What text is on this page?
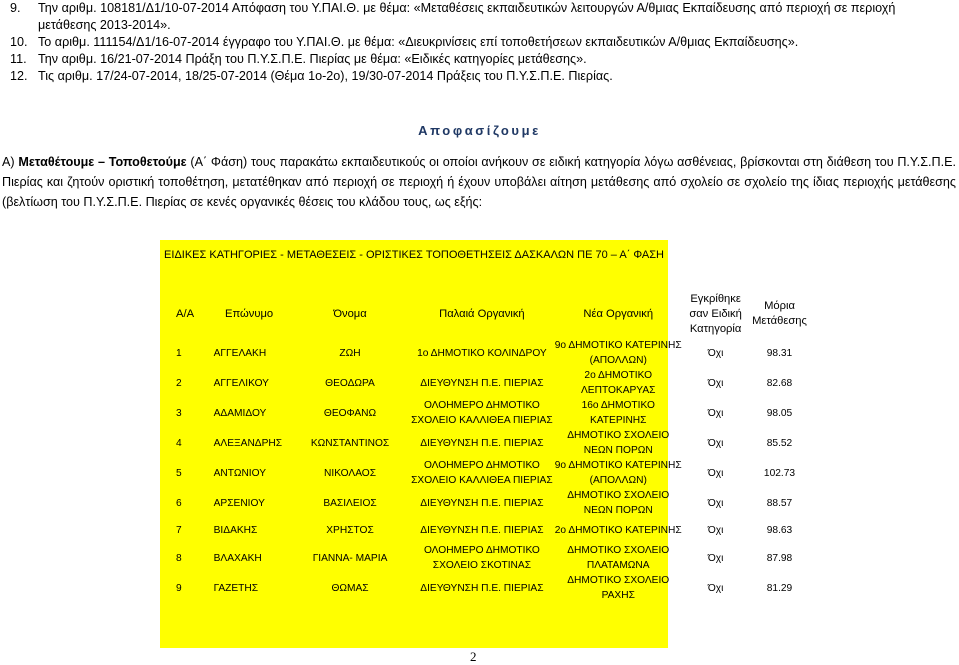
9. Την αριθμ. 108181/Δ1/10-07-2014 Απόφαση του Υ.ΠΑΙ.Θ. με θέμα: «Μεταθέσεις εκπαιδευτικών λειτουργών Α/θμιας Εκπαίδευσης από περιοχή σε περιοχή μετάθεσης 2013-2014».
10. Το αριθμ. 111154/Δ1/16-07-2014 έγγραφο του Υ.ΠΑΙ.Θ. με θέμα: «Διευκρινίσεις επί τοποθετήσεων εκπαιδευτικών Α/θμιας Εκπαίδευσης».
11. Την αριθμ. 16/21-07-2014 Πράξη του Π.Υ.Σ.Π.Ε. Πιερίας με θέμα: «Ειδικές κατηγορίες μετάθεσης».
12. Τις αριθμ. 17/24-07-2014, 18/25-07-2014 (Θέμα 1ο-2ο), 19/30-07-2014 Πράξεις του Π.Υ.Σ.Π.Ε. Πιερίας.
Αποφασίζουμε
Α) Μεταθέτουμε – Τοποθετούμε (Α΄ Φάση) τους παρακάτω εκπαιδευτικούς οι οποίοι ανήκουν σε ειδική κατηγορία λόγω ασθένειας, βρίσκονται στη διάθεση του Π.Υ.Σ.Π.Ε. Πιερίας και ζητούν οριστική τοποθέτηση, μετατέθηκαν από περιοχή σε περιοχή ή έχουν υποβάλει αίτηση μετάθεσης από σχολείο σε σχολείο της ίδιας περιοχής μετάθεσης (βελτίωση του Π.Υ.Σ.Π.Ε. Πιερίας σε κενές οργανικές θέσεις του κλάδου τους, ως εξής:
ΕΙΔΙΚΕΣ ΚΑΤΗΓΟΡΙΕΣ - ΜΕΤΑΘΕΣΕΙΣ - ΟΡΙΣΤΙΚΕΣ ΤΟΠΟΘΕΤΗΣΕΙΣ ΔΑΣΚΑΛΩΝ ΠΕ 70 – Α΄ ΦΑΣΗ
Α/Α	Επώνυμο	Όνομα	Παλαιά Οργανική	Νέα Οργανική	Εγκρίθηκε σαν Ειδική Κατηγορία	Μόρια Μετάθεσης
1	ΑΓΓΕΛΑΚΗ	ΖΩΗ	1ο ΔΗΜΟΤΙΚΟ ΚΟΛΙΝΔΡΟΥ	9ο ΔΗΜΟΤΙΚΟ ΚΑΤΕΡΙΝΗΣ (ΑΠΟΛΛΩΝ)	Όχι	98.31
2	ΑΓΓΕΛΙΚΟΥ	ΘΕΟΔΩΡΑ	ΔΙΕΥΘΥΝΣΗ Π.Ε. ΠΙΕΡΙΑΣ	2ο ΔΗΜΟΤΙΚΟ ΛΕΠΤΟΚΑΡΥΑΣ	Όχι	82.68
3	ΑΔΑΜΙΔΟΥ	ΘΕΟΦΑΝΩ	ΟΛΟΗΜΕΡΟ ΔΗΜΟΤΙΚΟ ΣΧΟΛΕΙΟ ΚΑΛΛΙΘΕΑ ΠΙΕΡΙΑΣ	16ο ΔΗΜΟΤΙΚΟ ΚΑΤΕΡΙΝΗΣ	Όχι	98.05
4	ΑΛΕΞΑΝΔΡΗΣ	ΚΩΝΣΤΑΝΤΙΝΟΣ	ΔΙΕΥΘΥΝΣΗ Π.Ε. ΠΙΕΡΙΑΣ	ΔΗΜΟΤΙΚΟ ΣΧΟΛΕΙΟ ΝΕΩΝ ΠΟΡΩΝ	Όχι	85.52
5	ΑΝΤΩΝΙΟΥ	ΝΙΚΟΛΑΟΣ	ΟΛΟΗΜΕΡΟ ΔΗΜΟΤΙΚΟ ΣΧΟΛΕΙΟ ΚΑΛΛΙΘΕΑ ΠΙΕΡΙΑΣ	9ο ΔΗΜΟΤΙΚΟ ΚΑΤΕΡΙΝΗΣ (ΑΠΟΛΛΩΝ)	Όχι	102.73
6	ΑΡΣΕΝΙΟΥ	ΒΑΣΙΛΕΙΟΣ	ΔΙΕΥΘΥΝΣΗ Π.Ε. ΠΙΕΡΙΑΣ	ΔΗΜΟΤΙΚΟ ΣΧΟΛΕΙΟ ΝΕΩΝ ΠΟΡΩΝ	Όχι	88.57
7	ΒΙΔΑΚΗΣ	ΧΡΗΣΤΟΣ	ΔΙΕΥΘΥΝΣΗ Π.Ε. ΠΙΕΡΙΑΣ	2ο ΔΗΜΟΤΙΚΟ ΚΑΤΕΡΙΝΗΣ	Όχι	98.63
8	ΒΛΑΧΑΚΗ	ΓΙΑΝΝΑ- ΜΑΡΙΑ	ΟΛΟΗΜΕΡΟ ΔΗΜΟΤΙΚΟ ΣΧΟΛΕΙΟ ΣΚΟΤΙΝΑΣ	ΔΗΜΟΤΙΚΟ ΣΧΟΛΕΙΟ ΠΛΑΤΑΜΩΝΑ	Όχι	87.98
9	ΓΑΖΕΤΗΣ	ΘΩΜΑΣ	ΔΙΕΥΘΥΝΣΗ Π.Ε. ΠΙΕΡΙΑΣ	ΔΗΜΟΤΙΚΟ ΣΧΟΛΕΙΟ ΡΑΧΗΣ	Όχι	81.29
2
